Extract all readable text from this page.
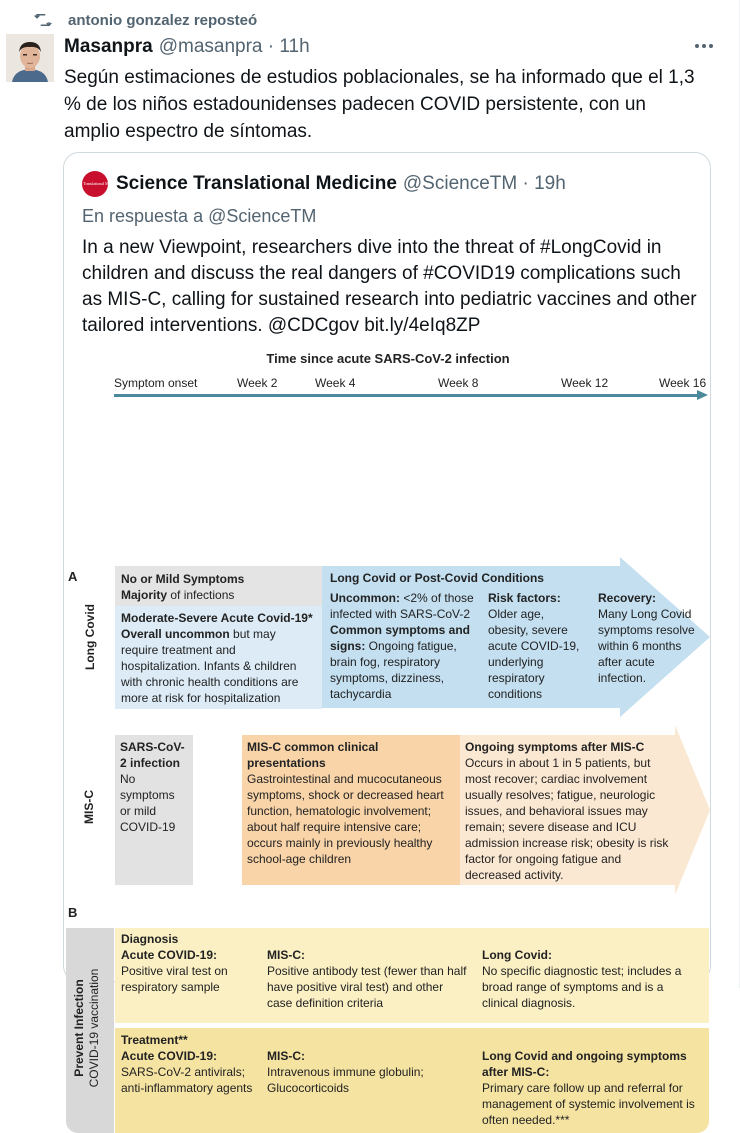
antonio gonzalez reposteó
Masanpra @masanpra · 11h
Según estimaciones de estudios poblacionales, se ha informado que el 1,3 % de los niños estadounidenses padecen COVID persistente, con un amplio espectro de síntomas.
Science Translational Medicine
Science Translational Medicine @ScienceTM · 19h
En respuesta a @ScienceTM
In a new Viewpoint, researchers dive into the threat of #LongCovid in children and discuss the real dangers of #COVID19 complications such as MIS-C, calling for sustained research into pediatric vaccines and other tailored interventions. @CDCgov bit.ly/4eIq8ZP
Time since acute SARS-CoV-2 infection
Symptom onset	Week 2	Week 4	Week 8	Week 12	Week 16
A
Long Covid
No or Mild Symptoms
Majority of infections
Moderate-Severe Acute Covid-19*
Overall uncommon but may require treatment and hospitalization. Infants & children with chronic health conditions are more at risk for hospitalization
Long Covid or Post-Covid Conditions
Uncommon: <2% of those infected with SARS-CoV-2 Common symptoms and signs: Ongoing fatigue, brain fog, respiratory symptoms, dizziness, tachycardia
Risk factors:
Older age, obesity, severe acute COVID-19, underlying respiratory conditions
Recovery:
Many Long Covid symptoms resolve within 6 months after acute infection.
MIS-C
SARS-CoV-2 infection
No symptoms or mild COVID-19
MIS-C common clinical presentations
Gastrointestinal and mucocutaneous symptoms, shock or decreased heart function, hematologic involvement; about half require intensive care; occurs mainly in previously healthy school-age children
Ongoing symptoms after MIS-C
Occurs in about 1 in 5 patients, but most recover; cardiac involvement usually resolves; fatigue, neurologic issues, and behavioral issues may remain; severe disease and ICU admission increase risk; obesity is risk factor for ongoing fatigue and decreased activity.
B
Prevent Infection
COVID-19 vaccination
Diagnosis
Acute COVID-19:
Positive viral test on respiratory sample
MIS-C:
Positive antibody test (fewer than half have positive viral test) and other case definition criteria
Long Covid:
No specific diagnostic test; includes a broad range of symptoms and is a clinical diagnosis.
Treatment**
Acute COVID-19:
SARS-CoV-2 antivirals; anti-inflammatory agents
MIS-C:
Intravenous immune globulin; Glucocorticoids
Long Covid and ongoing symptoms after MIS-C:
Primary care follow up and referral for management of systemic involvement is often needed.***
